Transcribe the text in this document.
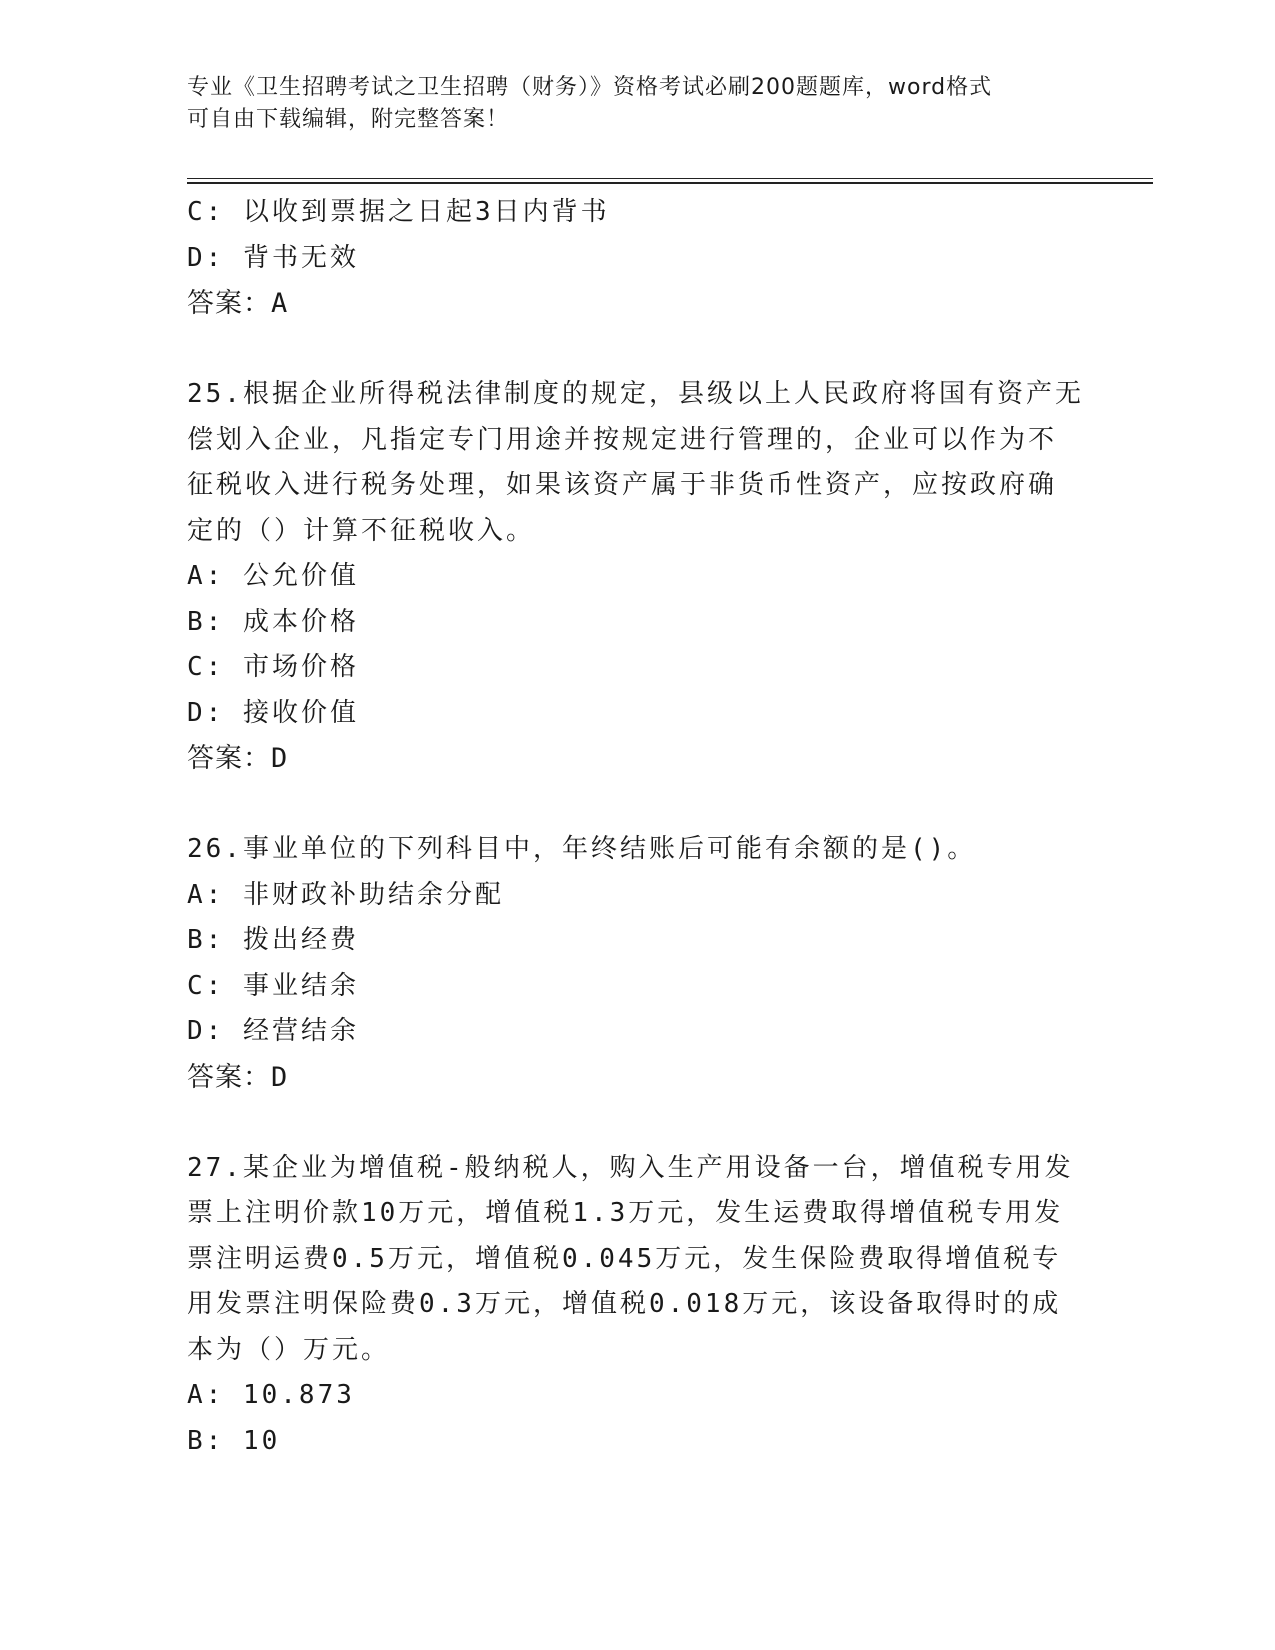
专业《卫生招聘考试之卫生招聘（财务）》资格考试必刷200题题库，word格式
可自由下载编辑，附完整答案！
C: 以收到票据之日起3日内背书
D: 背书无效
答案：A
25.根据企业所得税法律制度的规定，县级以上人民政府将国有资产无
偿划入企业，凡指定专门用途并按规定进行管理的，企业可以作为不
征税收入进行税务处理，如果该资产属于非货币性资产，应按政府确
定的（）计算不征税收入。
A: 公允价值
B: 成本价格
C: 市场价格
D: 接收价值
答案：D
26.事业单位的下列科目中，年终结账后可能有余额的是()。
A: 非财政补助结余分配
B: 拨出经费
C: 事业结余
D: 经营结余
答案：D
27.某企业为增值税-般纳税人，购入生产用设备一台，增值税专用发
票上注明价款10万元，增值税1.3万元，发生运费取得增值税专用发
票注明运费0.5万元，增值税0.045万元，发生保险费取得增值税专
用发票注明保险费0.3万元，增值税0.018万元，该设备取得时的成
本为（）万元。
A: 10.873
B: 10
